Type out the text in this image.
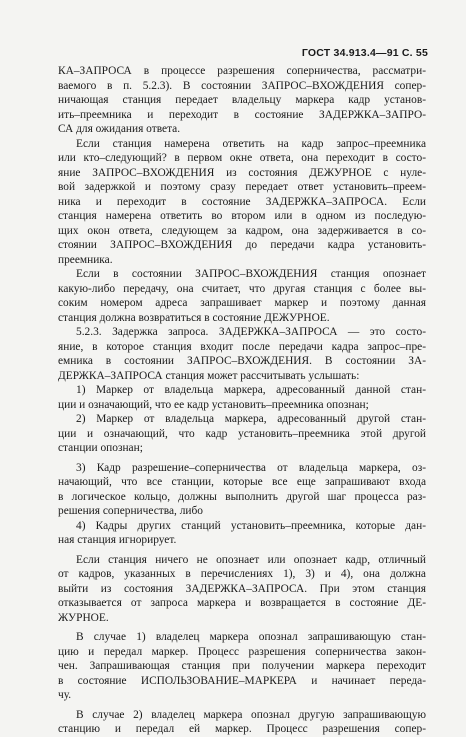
ГОСТ 34.913.4—91 С. 55
КА–ЗАПРОСА в процессе разрешения соперничества, рассматри-
ваемого в п. 5.2.3). В состоянии ЗАПРОС–ВХОЖДЕНИЯ сопер-
ничающая станция передает владельцу маркера кадр установ-
ить–преемника и переходит в состояние ЗАДЕРЖКА–ЗАПРО-
СА для ожидания ответа.
Если станция намерена ответить на кадр запрос–преемника
или кто–следующий? в первом окне ответа, она переходит в состо-
яние ЗАПРОС–ВХОЖДЕНИЯ из состояния ДЕЖУРНОЕ с нуле-
вой задержкой и поэтому сразу передает ответ установить–преем-
ника и переходит в состояние ЗАДЕРЖКА–ЗАПРОСА. Если
станция намерена ответить во втором или в одном из последую-
щих окон ответа, следующем за кадром, она задерживается в со-
стоянии ЗАПРОС–ВХОЖДЕНИЯ до передачи кадра установить-
преемника.
Если в состоянии ЗАПРОС–ВХОЖДЕНИЯ станция опознает
какую-либо передачу, она считает, что другая станция с более вы-
соким номером адреса запрашивает маркер и поэтому данная
станция должна возвратиться в состояние ДЕЖУРНОЕ.
5.2.3. Задержка запроса. ЗАДЕРЖКА–ЗАПРОСА — это состо-
яние, в которое станция входит после передачи кадра запрос–пре-
емника в состоянии ЗАПРОС–ВХОЖДЕНИЯ. В состоянии ЗА-
ДЕРЖКА–ЗАПРОСА станция может рассчитывать услышать:
1) Маркер от владельца маркера, адресованный данной стан-
ции и означающий, что ее кадр установить–преемника опознан;
2) Маркер от владельца маркера, адресованный другой стан-
ции и означающий, что кадр установить–преемника этой другой
станции опознан;
3) Кадр разрешение–соперничества от владельца маркера, оз-
начающий, что все станции, которые все еще запрашивают входа
в логическое кольцо, должны выполнить другой шаг процесса раз-
решения соперничества, либо
4) Кадры других станций установить–преемника, которые дан-
ная станция игнорирует.
Если станция ничего не опознает или опознает кадр, отличный
от кадров, указанных в перечислениях 1), 3) и 4), она должна
выйти из состояния ЗАДЕРЖКА–ЗАПРОСА. При этом станция
отказывается от запроса маркера и возвращается в состояние ДЕ-
ЖУРНОЕ.
В случае 1) владелец маркера опознал запрашивающую стан-
цию и передал маркер. Процесс разрешения соперничества закон-
чен. Запрашивающая станция при получении маркера переходит
в состояние ИСПОЛЬЗОВАНИЕ–МАРКЕРА и начинает переда-
чу.
В случае 2) владелец маркера опознал другую запрашивающую
станцию и передал ей маркер. Процесс разрешения сопер-
